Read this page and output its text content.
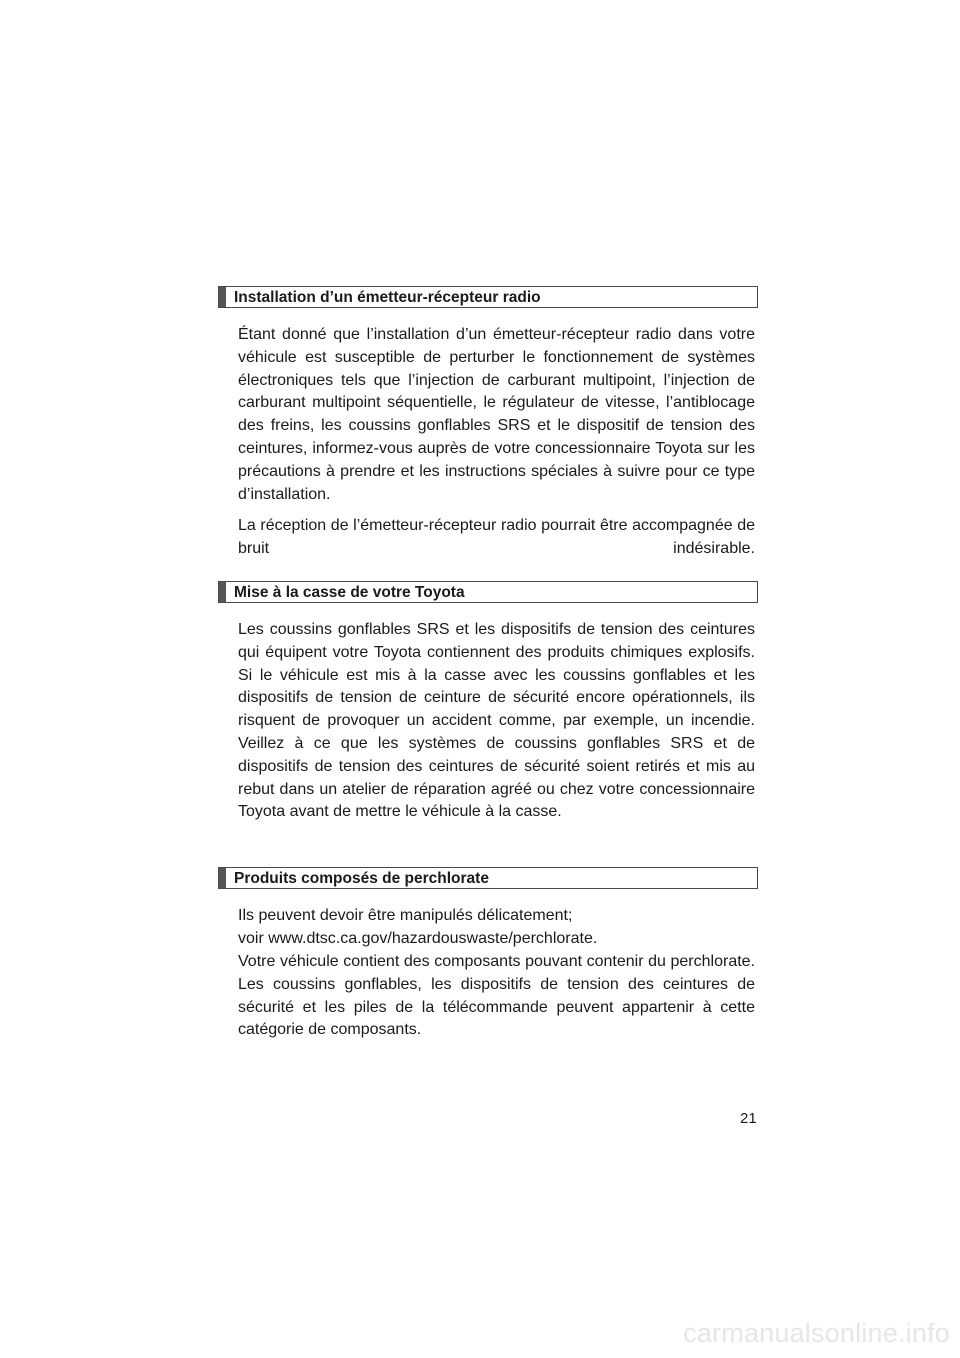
Installation d’un émetteur-récepteur radio

Étant donné que l’installation d’un émetteur-récepteur radio dans votre véhicule est susceptible de perturber le fonctionnement de systèmes électroniques tels que l’injection de carburant multipoint, l’injection de carburant multipoint séquentielle, le régulateur de vitesse, l’antiblocage des freins, les coussins gonflables SRS et le dispositif de tension des ceintures, informez-vous auprès de votre concessionnaire Toyota sur les précautions à prendre et les instructions spéciales à suivre pour ce type d’installation.

La réception de l’émetteur-récepteur radio pourrait être accompagnée de bruit indésirable.

Mise à la casse de votre Toyota

Les coussins gonflables SRS et les dispositifs de tension des ceintures qui équipent votre Toyota contiennent des produits chimiques explosifs. Si le véhicule est mis à la casse avec les coussins gonflables et les dispositifs de tension de ceinture de sécurité encore opérationnels, ils risquent de provoquer un accident comme, par exemple, un incendie. Veillez à ce que les systèmes de coussins gonflables SRS et de dispositifs de tension des ceintures de sécurité soient retirés et mis au rebut dans un atelier de réparation agréé ou chez votre concessionnaire Toyota avant de mettre le véhicule à la casse.

Produits composés de perchlorate

Ils peuvent devoir être manipulés délicatement;

voir www.dtsc.ca.gov/hazardouswaste/perchlorate.

Votre véhicule contient des composants pouvant contenir du perchlorate. Les coussins gonflables, les dispositifs de tension des ceintures de sécurité et les piles de la télécommande peuvent appartenir à cette catégorie de composants.

21
carmanualsonline.info
